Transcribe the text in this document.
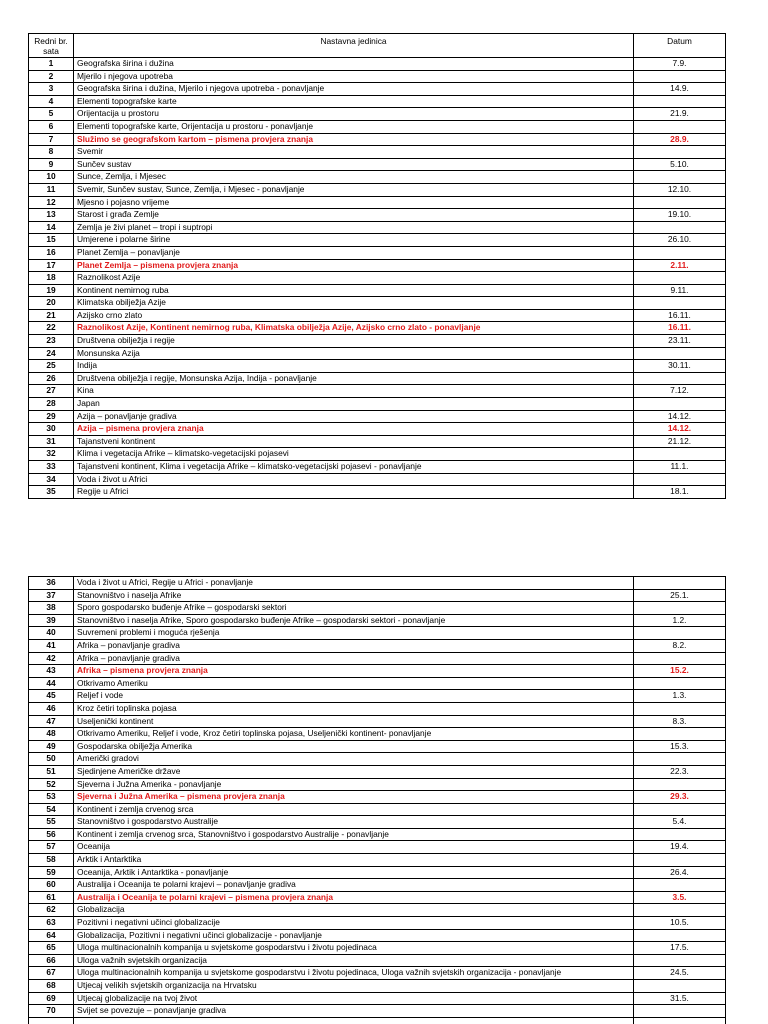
Redni br. sata	Nastavna jedinica	Datum
1	Geografska širina i dužina	7.9.
2	Mjerilo i njegova upotreba	
3	Geografska širina i dužina, Mjerilo i njegova upotreba - ponavljanje	14.9.
4	Elementi topografske karte	
5	Orijentacija u prostoru	21.9.
6	Elementi topografske karte, Orijentacija u prostoru - ponavljanje	
7	Služimo se geografskom kartom – pismena provjera znanja	28.9.
8	Svemir	
9	Sunčev sustav	5.10.
10	Sunce, Zemlja, i Mjesec	
11	Svemir, Sunčev sustav, Sunce, Zemlja, i Mjesec - ponavljanje	12.10.
12	Mjesno i pojasno vrijeme	
13	Starost i građa Zemlje	19.10.
14	Zemlja je živi planet – tropi i suptropi	
15	Umjerene i polarne širine	26.10.
16	Planet Zemlja – ponavljanje	
17	Planet Zemlja – pismena provjera znanja	2.11.
18	Raznolikost Azije	
19	Kontinent nemirnog ruba	9.11.
20	Klimatska obilježja Azije	
21	Azijsko crno zlato	16.11.
22	Raznolikost Azije, Kontinent nemirnog ruba, Klimatska obilježja Azije, Azijsko crno zlato - ponavljanje	16.11.
23	Društvena obilježja i regije	23.11.
24	Monsunska Azija	
25	Indija	30.11.
26	Društvena obilježja i regije, Monsunska Azija, Indija - ponavljanje	
27	Kina	7.12.
28	Japan	
29	Azija – ponavljanje gradiva	14.12.
30	Azija – pismena provjera znanja	14.12.
31	Tajanstveni kontinent	21.12.
32	Klima i vegetacija Afrike – klimatsko-vegetacijski pojasevi	
33	Tajanstveni kontinent, Klima i vegetacija Afrike – klimatsko-vegetacijski pojasevi - ponavljanje	11.1.
34	Voda i život u Africi	
35	Regije u Africi	18.1.
36	Voda i život u Africi, Regije u Africi - ponavljanje	
37	Stanovništvo i naselja Afrike	25.1.
38	Sporo gospodarsko buđenje Afrike – gospodarski sektori	
39	Stanovništvo i naselja Afrike, Sporo gospodarsko buđenje Afrike – gospodarski sektori - ponavljanje	1.2.
40	Suvremeni problemi i moguća rješenja	
41	Afrika – ponavljanje gradiva	8.2.
42	Afrika – ponavljanje gradiva	
43	Afrika – pismena provjera znanja	15.2.
44	Otkrivamo Ameriku	
45	Reljef i vode	1.3.
46	Kroz četiri toplinska pojasa	
47	Useljenički kontinent	8.3.
48	Otkrivamo Ameriku, Reljef i vode, Kroz četiri toplinska pojasa, Useljenički kontinent- ponavljanje	
49	Gospodarska obilježja Amerika	15.3.
50	Američki gradovi	
51	Sjedinjene Američke države	22.3.
52	Sjeverna i Južna Amerika - ponavljanje	
53	Sjeverna i Južna Amerika – pismena provjera znanja	29.3.
54	Kontinent i zemlja crvenog srca	
55	Stanovništvo i gospodarstvo Australije	5.4.
56	Kontinent i zemlja crvenog srca, Stanovništvo i gospodarstvo Australije - ponavljanje	
57	Oceanija	19.4.
58	Arktik i Antarktika	
59	Oceanija, Arktik i Antarktika - ponavljanje	26.4.
60	Australija i Oceanija te polarni krajevi – ponavljanje gradiva	
61	Australija i Oceanija te polarni krajevi – pismena provjera znanja	3.5.
62	Globalizacija	
63	Pozitivni i negativni učinci globalizacije	10.5.
64	Globalizacija, Pozitivni i negativni učinci globalizacije - ponavljanje	
65	Uloga multinacionalnih kompanija u svjetskome gospodarstvu i životu pojedinaca	17.5.
66	Uloga važnih svjetskih organizacija	
67	Uloga multinacionalnih kompanija u svjetskome gospodarstvu i životu pojedinaca, Uloga važnih svjetskih organizacija - ponavljanje	24.5.
68	Utjecaj velikih svjetskih organizacija na Hrvatsku	
69	Utjecaj globalizacije na tvoj život	31.5.
70	Svijet se povezuje – ponavljanje gradiva	
